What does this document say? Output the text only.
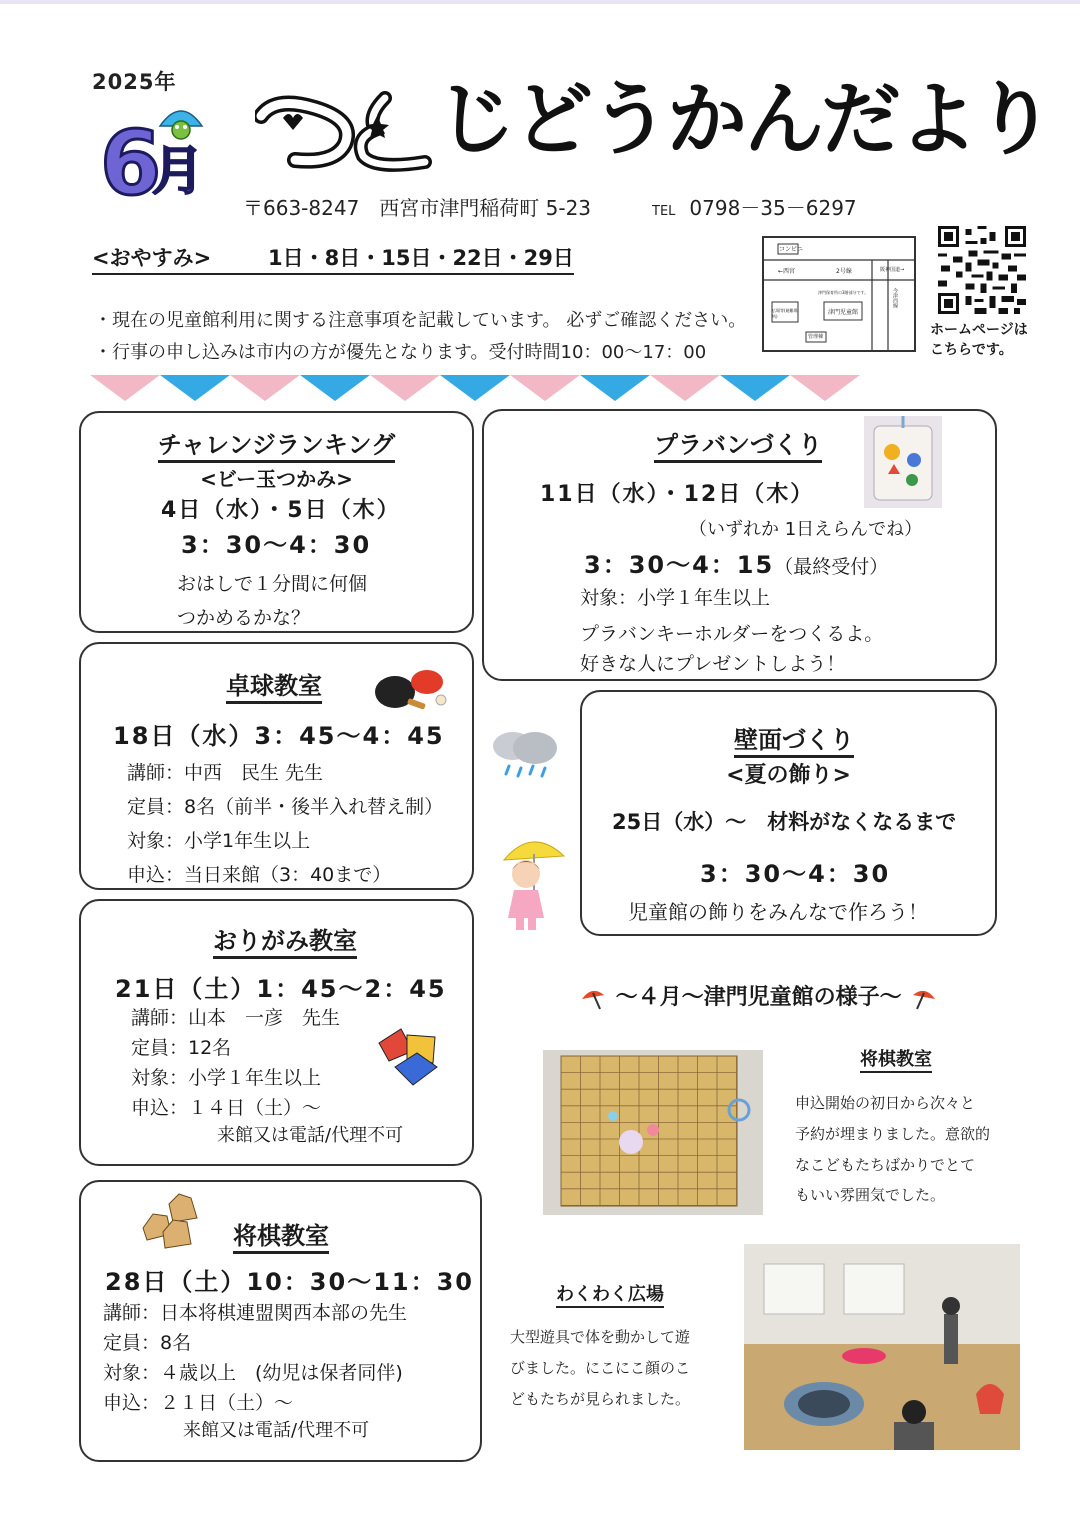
2025年
6
月
じどうかんだより
〒663-8247　西宮市津門稲荷町 5-23	TEL 0798－35－6297
<おやすみ>	1日・8日・15日・22日・29日
・現在の児童館利用に関する注意事項を記載しています。 必ずご確認ください。
・行事の申し込みは市内の方が優先となります。受付時間10：00～17：00
コンビニ
←西宮	2号線	阪神国道→
今津西線
津門保育所の3階部分です。
広場等(避難場所)
津門児童館
管理棟	ホームページは
こちらです。
チャレンジランキング
<ビー玉つかみ>
4日（水）・5日（木）
3：30～4：30
おはしで１分間に何個
つかめるかな？
プラバンづくり
11日（水）・12日（木）
（いずれか 1日えらんでね）
3：30～4：15（最終受付）
対象：小学１年生以上
プラバンキーホルダーをつくるよ。
好きな人にプレゼントしよう！
卓球教室
18日（水）3：45～4：45
講師：中西　民生 先生
定員：8名（前半・後半入れ替え制）
対象：小学1年生以上
申込：当日来館（3：40まで）
壁面づくり
<夏の飾り>
25日（水）～　材料がなくなるまで
3：30～4：30
児童館の飾りをみんなで作ろう！
おりがみ教室
21日（土）1：45～2：45
講師：山本　一彦　先生
定員：12名
対象：小学１年生以上
申込：１４日（土）～
来館又は電話/代理不可
将棋教室
28日（土）10：30～11：30
講師：日本将棋連盟関西本部の先生
定員：8名
対象：４歳以上　(幼児は保者同伴)
申込：２１日（土）～
来館又は電話/代理不可
～４月～津門児童館の様子～
将棋教室
申込開始の初日から次々と
予約が埋まりました。意欲的
なこどもたちばかりでとて
もいい雰囲気でした。
わくわく広場
大型遊具で体を動かして遊
びました。にこにこ顔のこ
どもたちが見られました。
